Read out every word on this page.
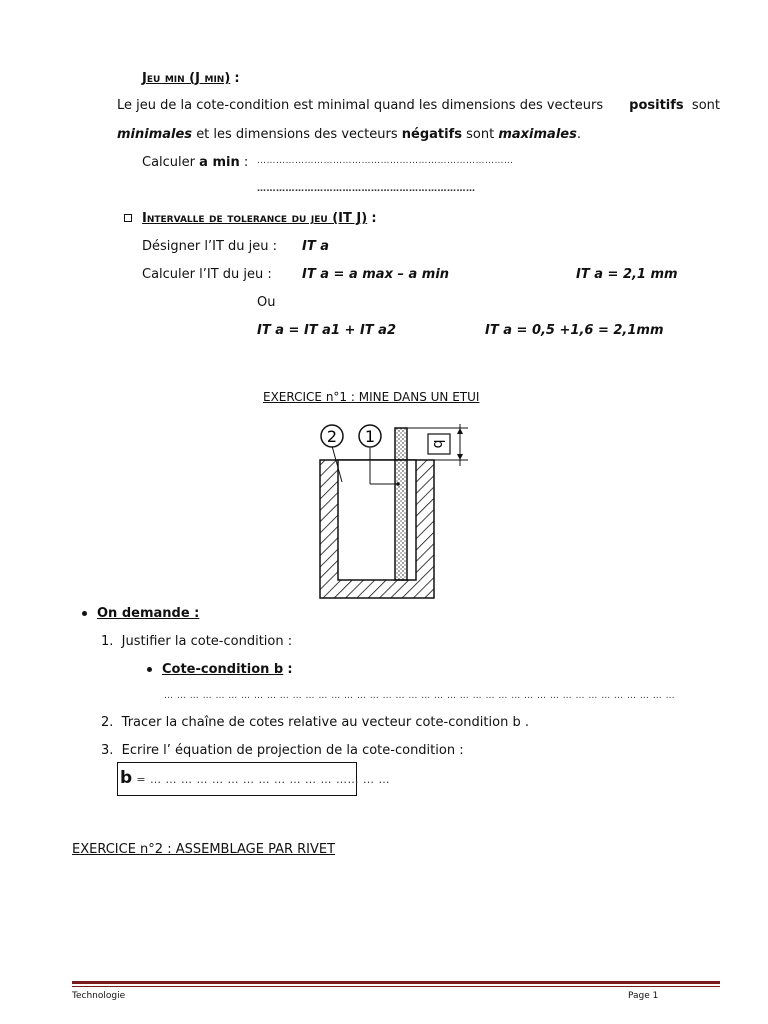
Jeu min (J min) :
Le jeu de la cote-condition est minimal quand les dimensions des vecteurs positifs sont
minimales et les dimensions des vecteurs négatifs sont maximales.
Calculer a min : ………………………………………………………………………
……………………………………………………………
Intervalle de tolerance du jeu (IT J) :
Désigner l’IT du jeu : IT a
Calculer l’IT du jeu : IT a = a max – a min	IT a = 2,1 mm
Ou
IT a = IT a1 + IT a2	IT a = 0,5 +1,6 = 2,1mm
EXERCICE n°1 : MINE DANS UN ETUI
2 1	b
On demande :
1. Justifier la cote-condition :
Cote-condition b :
… … … … … … … … … … … … … … … … … … … … … … … … … … … … … … … … … … … … … … … …
2. Tracer la chaîne de cotes relative au vecteur cote-condition b .
3. Ecrire l’ équation de projection de la cote-condition :
b = … … … … … … … … … … … … …… … …
EXERCICE n°2 : ASSEMBLAGE PAR RIVET
Technologie	Page 1
